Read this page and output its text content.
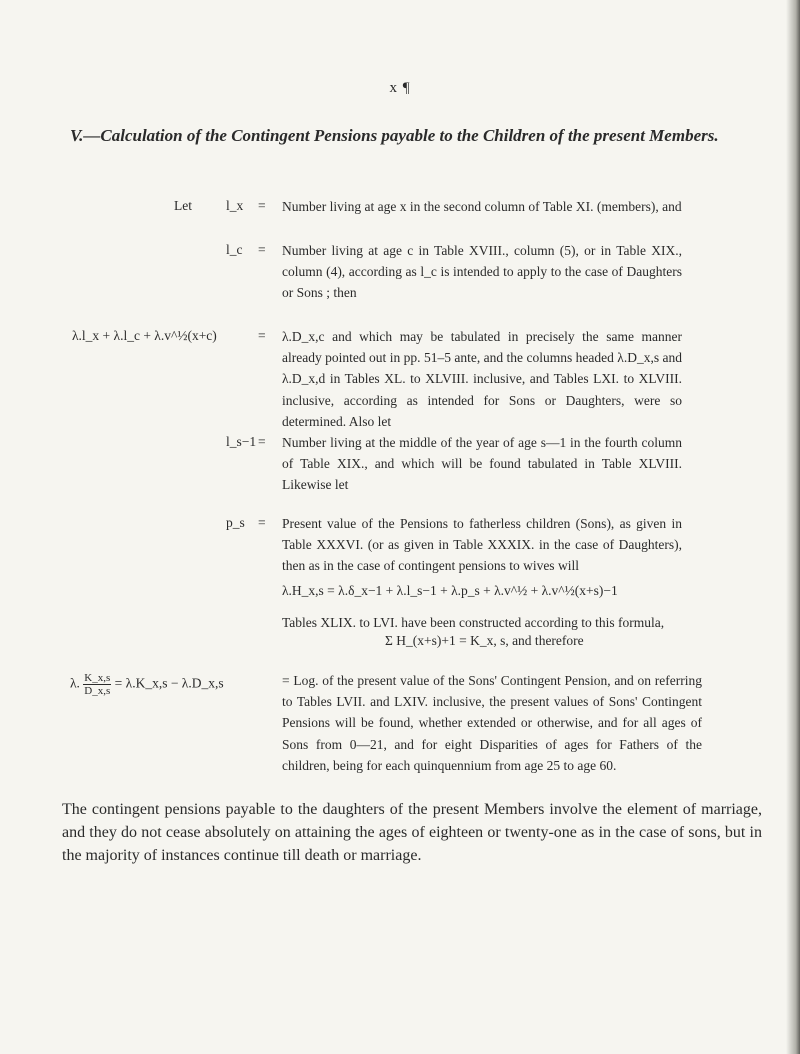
x ¶
V.—Calculation of the Contingent Pensions payable to the Children of the present Members.
Let	l_x = Number living at age x in the second column of Table XI. (members), and
l_c = Number living at age c in Table XVIII., column (5), or in Table XIX., column (4), according as l_c is intended to apply to the case of Daughters or Sons ; then
λ.l_x + λ.l_c + λ.v^½(x+c)	= λ.D_x,c and which may be tabulated in precisely the same manner already pointed out in pp. 51–5 ante, and the columns headed λ.D_x,s and λ.D_x,d in Tables XL. to XLVIII. inclusive, and Tables LXI. to XLVIII. inclusive, according as intended for Sons or Daughters, were so determined. Also let
l_s−1 = Number living at the middle of the year of age s—1 in the fourth column of Table XIX., and which will be found tabulated in Table XLVIII. Likewise let
p_s = Present value of the Pensions to fatherless children (Sons), as given in Table XXXVI. (or as given in Table XXXIX. in the case of Daughters), then as in the case of contingent pensions to wives will
λ.H_x,s = λ.δ_x−1 + λ.l_s−1 + λ.p_s + λ.v^½ + λ.v^½(x+s)−1
Tables XLIX. to LVI. have been constructed according to this formula,
Σ H_(x+s)+1 = K_x, s, and therefore
λ. $\frac{K\_x,s}{D\_x,s}$ = λ.K_x,s − λ.D_x,s	= Log. of the present value of the Sons' Contingent Pension, and on referring to Tables LVII. and LXIV. inclusive, the present values of Sons' Contingent Pensions will be found, whether extended or otherwise, and for all ages of Sons from 0—21, and for eight Disparities of ages for Fathers of the children, being for each quinquennium from age 25 to age 60.
The contingent pensions payable to the daughters of the present Members involve the element of marriage, and they do not cease absolutely on attaining the ages of eighteen or twenty-one as in the case of sons, but in the majority of instances continue till death or marriage.
